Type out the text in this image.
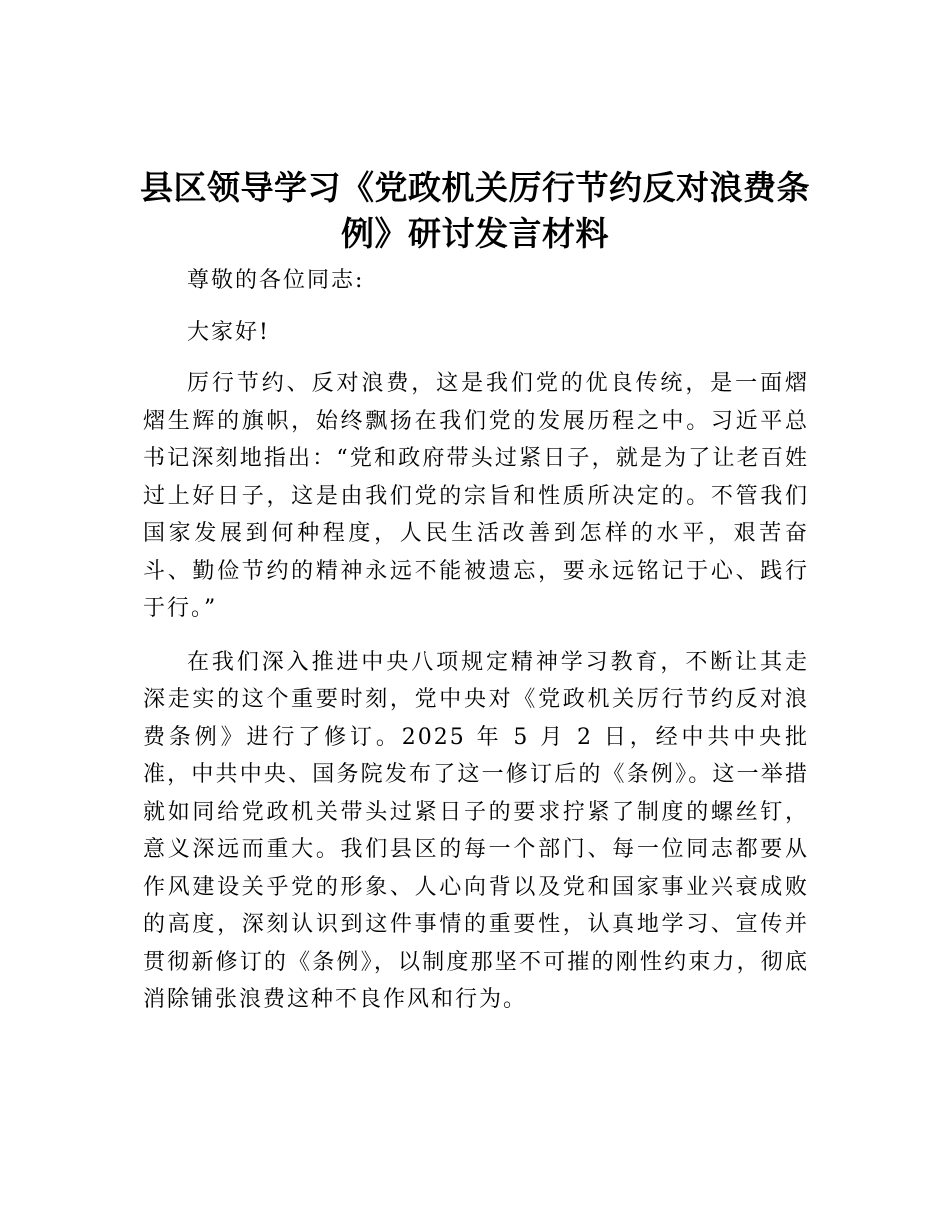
县区领导学习《党政机关厉行节约反对浪费条
例》研讨发言材料

尊敬的各位同志:

大家好!

厉行节约、反对浪费，这是我们党的优良传统，是一面熠熠生辉的旗帜，始终飘扬在我们党的发展历程之中。习近平总书记深刻地指出：“党和政府带头过紧日子，就是为了让老百姓过上好日子，这是由我们党的宗旨和性质所决定的。不管我们国家发展到何种程度，人民生活改善到怎样的水平，艰苦奋斗、勤俭节约的精神永远不能被遗忘，要永远铭记于心、践行于行。”

在我们深入推进中央八项规定精神学习教育，不断让其走深走实的这个重要时刻，党中央对《党政机关厉行节约反对浪费条例》进行了修订。2025 年 5 月 2 日，经中共中央批准，中共中央、国务院发布了这一修订后的《条例》。这一举措就如同给党政机关带头过紧日子的要求拧紧了制度的螺丝钉，意义深远而重大。我们县区的每一个部门、每一位同志都要从作风建设关乎党的形象、人心向背以及党和国家事业兴衰成败的高度，深刻认识到这件事情的重要性，认真地学习、宣传并贯彻新修订的《条例》，以制度那坚不可摧的刚性约束力，彻底消除铺张浪费这种不良作风和行为。
